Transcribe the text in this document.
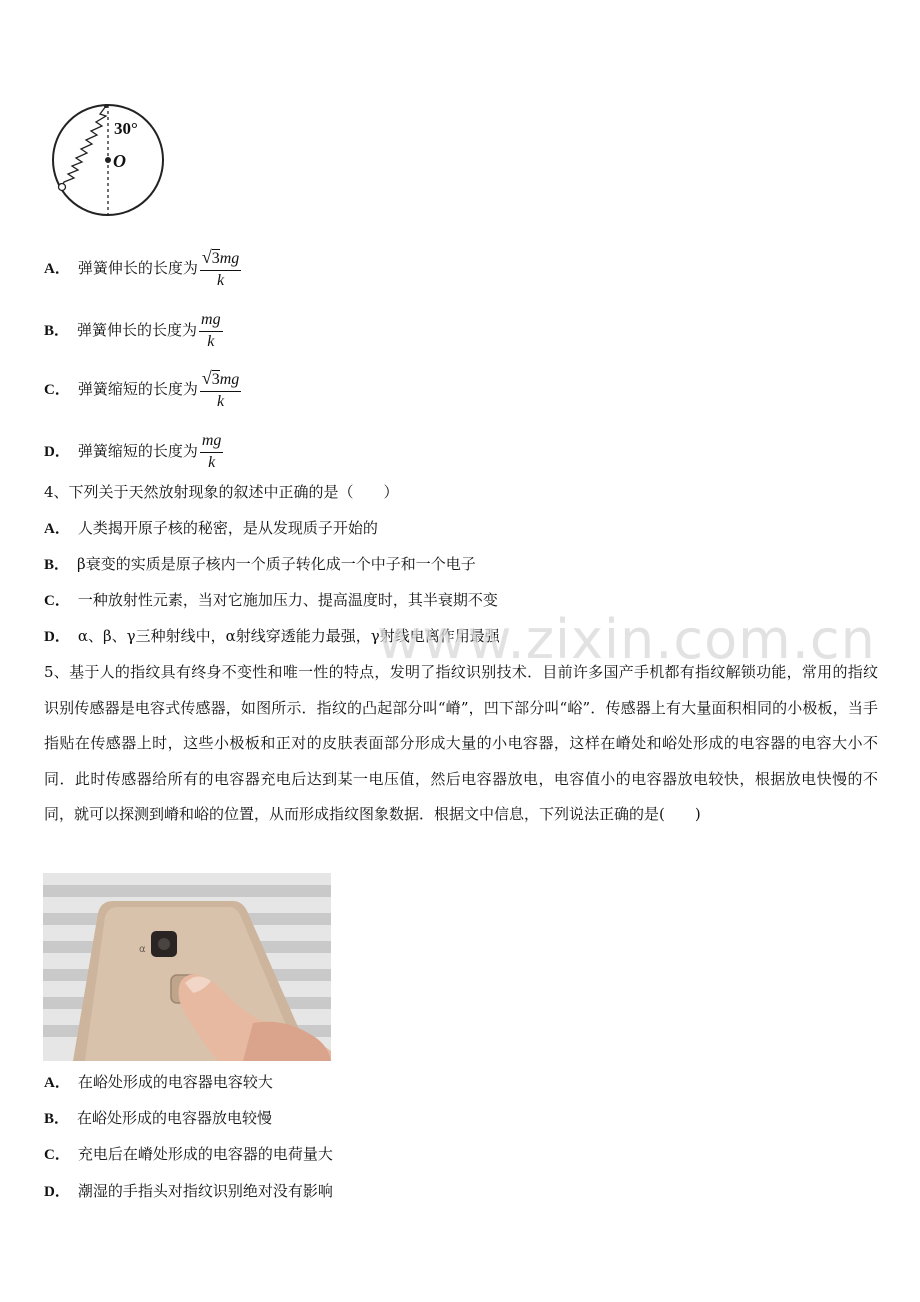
30°
O
A． 弹簧伸长的长度为 $\frac{√3mg}{k}$
B． 弹簧伸长的长度为 $\frac{mg}{k}$
C． 弹簧缩短的长度为 $\frac{√3mg}{k}$
D． 弹簧缩短的长度为 $\frac{mg}{k}$
4、下列关于天然放射现象的叙述中正确的是（　　）
A． 人类揭开原子核的秘密，是从发现质子开始的
B． β衰变的实质是原子核内一个质子转化成一个中子和一个电子
C． 一种放射性元素，当对它施加压力、提高温度时，其半衰期不变
D． α、β、γ三种射线中，α射线穿透能力最强，γ射线电离作用最强
www.zixin.com.cn
5、基于人的指纹具有终身不变性和唯一性的特点，发明了指纹识别技术．目前许多国产手机都有指纹解锁功能，常用的指纹识别传感器是电容式传感器，如图所示．指纹的凸起部分叫“嵴”，凹下部分叫“峪”．传感器上有大量面积相同的小极板，当手指贴在传感器上时，这些小极板和正对的皮肤表面部分形成大量的小电容器，这样在嵴处和峪处形成的电容器的电容大小不同．此时传感器给所有的电容器充电后达到某一电压值，然后电容器放电，电容值小的电容器放电较快，根据放电快慢的不同，就可以探测到嵴和峪的位置，从而形成指纹图象数据．根据文中信息，下列说法正确的是(　　)
α
A． 在峪处形成的电容器电容较大
B． 在峪处形成的电容器放电较慢
C． 充电后在嵴处形成的电容器的电荷量大
D． 潮湿的手指头对指纹识别绝对没有影响
